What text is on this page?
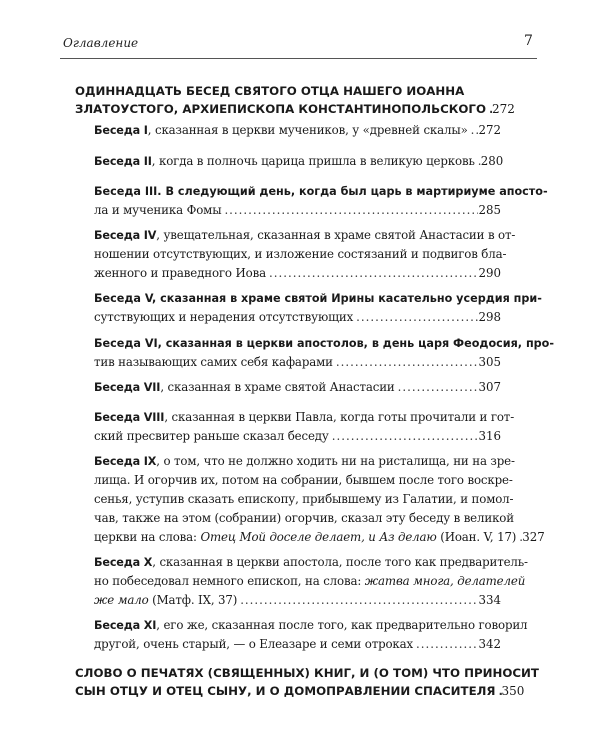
Оглавление	7
ОДИННАДЦАТЬ БЕСЕД СВЯТОГО ОТЦА НАШЕГО ИОАННА
ЗЛАТОУСТОГО, АРХИЕПИСКОПА КОНСТАНТИНОПОЛЬСКОГО ..... 272
Беседа I, сказанная в церкви мучеников, у «древней скалы» ..... 272
Беседа II, когда в полночь царица пришла в великую церковь ..... 280
Беседа III. В следующий день, когда был царь в мартириуме апосто-
ла и мученика Фомы .....	285
Беседа IV, увещательная, сказанная в храме святой Анастасии в от-
ношении отсутствующих, и изложение состязаний и подвигов бла-
женного и праведного Иова .....	290
Беседа V, сказанная в храме святой Ирины касательно усердия при-
сутствующих и нерадения отсутствующих .....	298
Беседа VI, сказанная в церкви апостолов, в день царя Феодосия, про-
тив называющих самих себя кафарами .....	305
Беседа VII, сказанная в храме святой Анастасии .....	307
Беседа VIII, сказанная в церкви Павла, когда готы прочитали и гот-
ский пресвитер раньше сказал беседу .....	316
Беседа IX, о том, что не должно ходить ни на ристалища, ни на зре-
лища. И огорчив их, потом на собрании, бывшем после того воскре-
сенья, уступив сказать епископу, прибывшему из Галатии, и помол-
чав, также на этом (собрании) огорчив, сказал эту беседу в великой
церкви на слова: Отец Мой доселе делает, и Аз делаю (Иоан. V, 17) ..... 327
Беседа X, сказанная в церкви апостола, после того как предваритель-
но побеседовал немного епископ, на слова: жатва многа, делателей
же мало (Матф. IX, 37) .....	334
Беседа XI, его же, сказанная после того, как предварительно говорил
другой, очень старый, — о Елеазаре и семи отроках .....	342
СЛОВО О ПЕЧАТЯХ (СВЯЩЕННЫХ) КНИГ, И (О ТОМ) ЧТО ПРИНОСИТ
СЫН ОТЦУ И ОТЕЦ СЫНУ, И О ДОМОПРАВЛЕНИИ СПАСИТЕЛЯ ..... 350
